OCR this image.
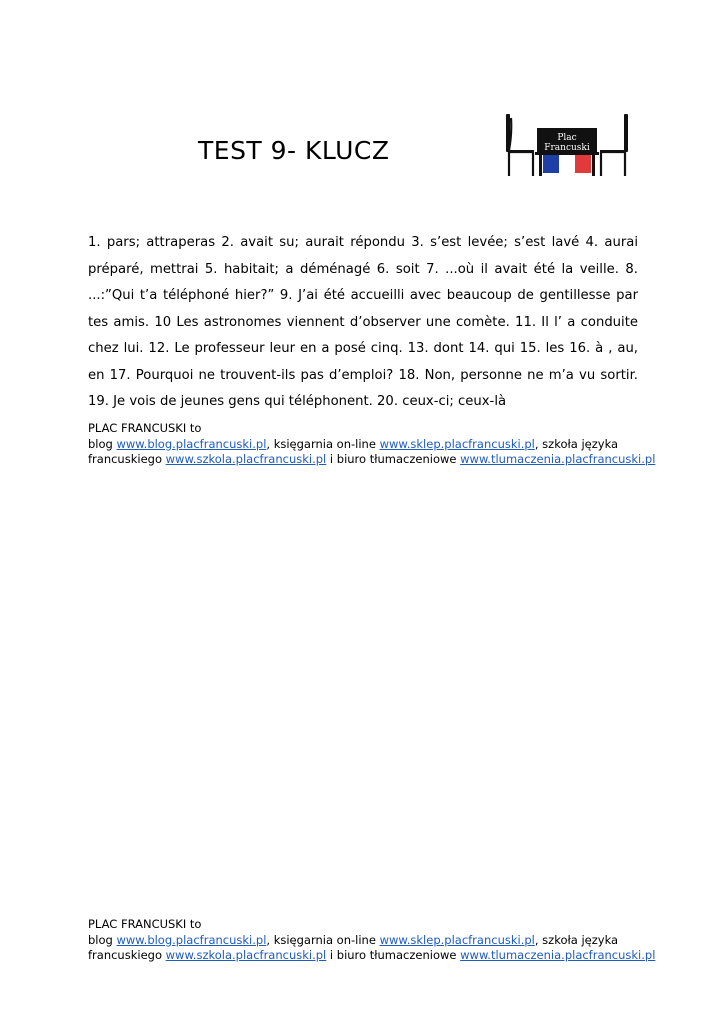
TEST 9- KLUCZ	Plac
Francuski

1. pars; attraperas 2. avait su; aurait répondu 3. s’est levée; s’est lavé 4. aurai préparé, mettrai 5. habitait; a déménagé 6. soit 7. ...où il avait été la veille. 8. ...:”Qui t’a téléphoné hier?” 9. J’ai été accueilli avec beaucoup de gentillesse par tes amis. 10 Les astronomes viennent d’observer une comète. 11. Il l’ a conduite chez lui. 12. Le professeur leur en a posé cinq. 13. dont 14. qui 15. les 16. à , au, en 17. Pourquoi ne trouvent-ils pas d’emploi? 18. Non, personne ne m’a vu sortir. 19. Je vois de jeunes gens qui téléphonent. 20. ceux-ci; ceux-là

PLAC FRANCUSKI to
blog www.blog.placfrancuski.pl, księgarnia on-line www.sklep.placfrancuski.pl, szkoła języka
francuskiego www.szkola.placfrancuski.pl i biuro tłumaczeniowe www.tlumaczenia.placfrancuski.pl
PLAC FRANCUSKI to
blog www.blog.placfrancuski.pl, księgarnia on-line www.sklep.placfrancuski.pl, szkoła języka
francuskiego www.szkola.placfrancuski.pl i biuro tłumaczeniowe www.tlumaczenia.placfrancuski.pl
